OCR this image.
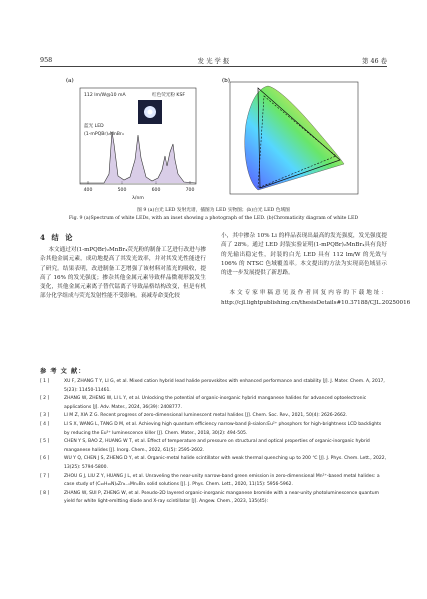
958	发 光 学 报	第 46 卷
(a)
400	500	600	700
λ/nm
112 lm/W@10 mA	红色荧光粉 KSF
蓝光 LED
(1-mPQBr)₂MnBr₄
(b)
图 9 (a)白光 LED 发射光谱，插图为 LED 实物图；(b)白光 LED 色域图
Fig. 9 (a)Spectrum of white LEDs, with an inset showing a photograph of the LED. (b)Chromaticity diagram of white LED
4 结 论

本文通过对(1-mPQBr)₂MnBr₄荧光粉的制备工艺进行改进与掺杂其他金属元素，成功地提高了其发光效率，并对其发光性能进行了研究。结果表明，改进制备工艺增强了该材料对蓝光的吸收，提高了 16% 的发光强度；掺杂其他金属元素导致样品微观形貌发生变化，其他金属元素离子替代锰离子导致晶格结构改变，但是有机部分化学组成与荧光发射性能不受影响。衰减寿命变化较

小，其中掺杂 10% Li 的样品表现出最高的发光强度，发光强度提高了 28%。通过 LED 封装实验证明(1-mPQBr)₂MnBr₄具有良好的光输出稳定性，封装的白光 LED 具有 112 lm/W 的光效与 106% 的 NTSC 色域覆盖率。本文提出的方法为实现高色域显示的进一步发展提供了新思路。

本文专家审稿意见及作者回复内容的下载地址：http://cjl.lightpublishing.cn/thesisDetails#10.37188/CJL.20250016

参 考 文 献：
[ 1 ]	XU F, ZHANG T Y, LI G, et al. Mixed cation hybrid lead halide perovskites with enhanced performance and stability [J]. J. Mater. Chem. A, 2017, 5(23): 11450-11461.
[ 2 ]	ZHANG W, ZHENG W, LI L Y, et al. Unlocking the potential of organic-inorganic hybrid manganese halides for advanced optoelectronic applications [J]. Adv. Mater., 2024, 36(39): 2408777.
[ 3 ]	LI M Z, XIA Z G. Recent progress of zero-dimensional luminescent metal halides [J]. Chem. Soc. Rev., 2021, 50(4): 2626-2662.
[ 4 ]	LI S X, WANG L, TANG D M, et al. Achieving high quantum efficiency narrow-band β-sialon:Eu²⁺ phosphors for high-brightness LCD backlights by reducing the Eu³⁺ luminescence killer [J]. Chem. Mater., 2018, 30(2): 494-505.
[ 5 ]	CHEN Y S, BAO Z, HUANG W T, et al. Effect of temperature and pressure on structural and optical properties of organic-inorganic hybrid manganese halides [J]. Inorg. Chem., 2022, 61(5): 2595-2602.
[ 6 ]	WU Y Q, CHEN J S, ZHENG D Y, et al. Organic-metal halide scintillator with weak thermal quenching up to 200 ℃ [J]. J. Phys. Chem. Lett., 2022, 13(25): 5794-5800.
[ 7 ]	ZHOU G J, LIU Z Y, HUANG J L, et al. Unraveling the near-unity narrow-band green emission in zero-dimensional Mn²⁺-based metal halides: a case study of (C₁₀H₁₆N)₂Zn₁₋ₓMnₓBr₄ solid solutions [J]. J. Phys. Chem. Lett., 2020, 11(15): 5956-5962.
[ 8 ]	ZHANG W, SUI P, ZHENG W, et al. Pseudo-2D layered organic-inorganic manganese bromide with a near-unity photoluminescence quantum yield for white light-emitting diode and X-ray scintillator [J]. Angew. Chem., 2023, 135(45):
